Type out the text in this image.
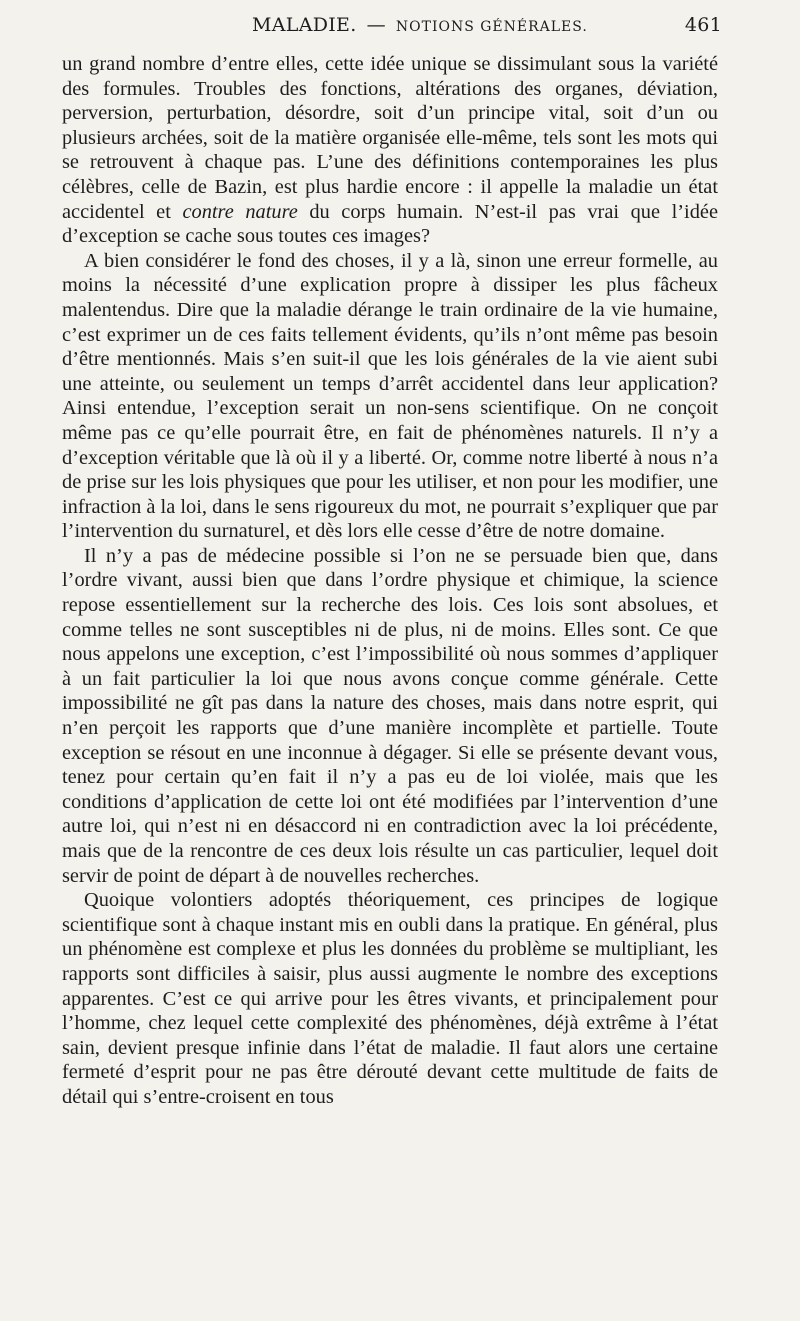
MALADIE. — NOTIONS GÉNÉRALES.	461

un grand nombre d’entre elles, cette idée unique se dissimulant sous la variété des formules. Troubles des fonctions, altérations des organes, déviation, perversion, perturbation, désordre, soit d’un principe vital, soit d’un ou plusieurs archées, soit de la matière organisée elle-même, tels sont les mots qui se retrouvent à chaque pas. L’une des définitions contemporaines les plus célèbres, celle de Bazin, est plus hardie encore : il appelle la maladie un état accidentel et contre nature du corps humain. N’est-il pas vrai que l’idée d’exception se cache sous toutes ces images?

A bien considérer le fond des choses, il y a là, sinon une erreur formelle, au moins la nécessité d’une explication propre à dissiper les plus fâcheux malentendus. Dire que la maladie dérange le train ordinaire de la vie humaine, c’est exprimer un de ces faits tellement évidents, qu’ils n’ont même pas besoin d’être mentionnés. Mais s’en suit-il que les lois générales de la vie aient subi une atteinte, ou seulement un temps d’arrêt accidentel dans leur application? Ainsi entendue, l’exception serait un non-sens scientifique. On ne conçoit même pas ce qu’elle pourrait être, en fait de phénomènes naturels. Il n’y a d’exception véritable que là où il y a liberté. Or, comme notre liberté à nous n’a de prise sur les lois physiques que pour les utiliser, et non pour les modifier, une infraction à la loi, dans le sens rigoureux du mot, ne pourrait s’expliquer que par l’intervention du surnaturel, et dès lors elle cesse d’être de notre domaine.

Il n’y a pas de médecine possible si l’on ne se persuade bien que, dans l’ordre vivant, aussi bien que dans l’ordre physique et chimique, la science repose essentiellement sur la recherche des lois. Ces lois sont absolues, et comme telles ne sont susceptibles ni de plus, ni de moins. Elles sont. Ce que nous appelons une exception, c’est l’impossibilité où nous sommes d’appliquer à un fait particulier la loi que nous avons conçue comme générale. Cette impossibilité ne gît pas dans la nature des choses, mais dans notre esprit, qui n’en perçoit les rapports que d’une manière incomplète et partielle. Toute exception se résout en une inconnue à dégager. Si elle se présente devant vous, tenez pour certain qu’en fait il n’y a pas eu de loi violée, mais que les conditions d’application de cette loi ont été modifiées par l’intervention d’une autre loi, qui n’est ni en désaccord ni en contradiction avec la loi précédente, mais que de la rencontre de ces deux lois résulte un cas particulier, lequel doit servir de point de départ à de nouvelles recherches.

Quoique volontiers adoptés théoriquement, ces principes de logique scientifique sont à chaque instant mis en oubli dans la pratique. En général, plus un phénomène est complexe et plus les données du problème se multipliant, les rapports sont difficiles à saisir, plus aussi augmente le nombre des exceptions apparentes. C’est ce qui arrive pour les êtres vivants, et principalement pour l’homme, chez lequel cette complexité des phénomènes, déjà extrême à l’état sain, devient presque infinie dans l’état de maladie. Il faut alors une certaine fermeté d’esprit pour ne pas être dérouté devant cette multitude de faits de détail qui s’entre-croisent en tous
